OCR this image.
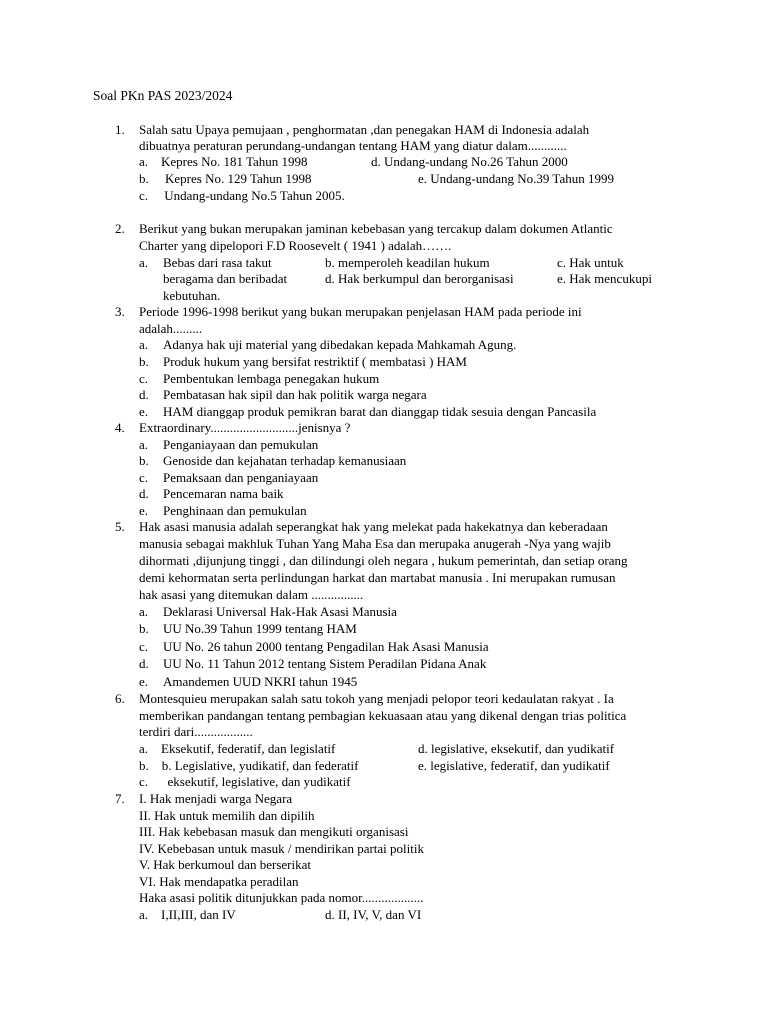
Soal PKn PAS 2023/2024
1. Salah satu Upaya pemujaan , penghormatan ,dan penegakan HAM di Indonesia adalah
dibuatnya peraturan perundang-undangan tentang HAM yang diatur dalam............
a.    Kepres No. 181 Tahun 1998	d. Undang-undang No.26 Tahun 2000
b.     Kepres No. 129 Tahun 1998	e. Undang-undang No.39 Tahun 1999
c.     Undang-undang No.5 Tahun 2005.
2. Berikut yang bukan merupakan jaminan kebebasan yang tercakup dalam dokumen Atlantic
Charter yang dipelopori F.D Roosevelt ( 1941 ) adalah…….
a. Bebas dari rasa takut	b. memperoleh keadilan hukum	c. Hak untuk
beragama dan beribadat	d. Hak berkumpul dan berorganisasi	e. Hak mencukupi
kebutuhan.
3. Periode 1996-1998 berikut yang bukan merupakan penjelasan HAM pada periode ini
adalah.........
a. Adanya hak uji material yang dibedakan kepada Mahkamah Agung.
b. Produk hukum yang bersifat restriktif ( membatasi ) HAM
c. Pembentukan lembaga penegakan hukum
d. Pembatasan hak sipil dan hak politik warga negara
e. HAM dianggap produk pemikran barat dan dianggap tidak sesuia dengan Pancasila
4. Extraordinary...........................jenisnya ?
a. Penganiayaan dan pemukulan
b. Genoside dan kejahatan terhadap kemanusiaan
c. Pemaksaan dan penganiayaan
d. Pencemaran nama baik
e. Penghinaan dan pemukulan
5. Hak asasi manusia adalah seperangkat hak yang melekat pada hakekatnya dan keberadaan
manusia sebagai makhluk Tuhan Yang Maha Esa dan merupaka anugerah -Nya yang wajib
dihormati ,dijunjung tinggi , dan dilindungi oleh negara , hukum pemerintah, dan setiap orang
demi kehormatan serta perlindungan harkat dan martabat manusia . Ini merupakan rumusan
hak asasi yang ditemukan dalam ................
a. Deklarasi Universal Hak-Hak Asasi Manusia
b. UU No.39 Tahun 1999 tentang HAM
c. UU No. 26 tahun 2000 tentang Pengadilan Hak Asasi Manusia
d. UU No. 11 Tahun 2012 tentang Sistem Peradilan Pidana Anak
e. Amandemen UUD NKRI tahun 1945
6. Montesquieu merupakan salah satu tokoh yang menjadi pelopor teori kedaulatan rakyat . Ia
memberikan pandangan tentang pembagian kekuasaan atau yang dikenal dengan trias politica
terdiri dari..................
a.    Eksekutif, federatif, dan legislatif	d. legislative, eksekutif, dan yudikatif
b.    b. Legislative, yudikatif, dan federatif	e. legislative, federatif, dan yudikatif
c.      eksekutif, legislative, dan yudikatif
7. I. Hak menjadi warga Negara
II. Hak untuk memilih dan dipilih
III. Hak kebebasan masuk dan mengikuti organisasi
IV. Kebebasan untuk masuk / mendirikan partai politik
V. Hak berkumoul dan berserikat
VI. Hak mendapatka peradilan
Haka asasi politik ditunjukkan pada nomor...................
a.    I,II,III, dan IV	d. II, IV, V, dan VI
